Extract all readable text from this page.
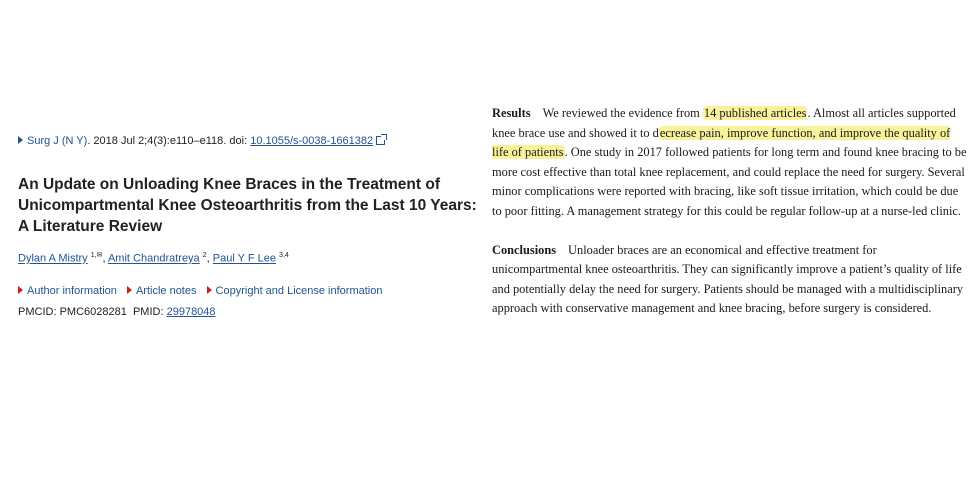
Surg J (N Y). 2018 Jul 2;4(3):e110–e118. doi: 10.1055/s-0038-1661382
An Update on Unloading Knee Braces in the Treatment of Unicompartmental Knee Osteoarthritis from the Last 10 Years: A Literature Review
Dylan A Mistry $^{1,✉}$, Amit Chandratreya $^2$, Paul Y F Lee $^{3,4}$
Author information Article notes Copyright and License information
PMCID: PMC6028281 PMID: 29978048

Results We reviewed the evidence from 14 published articles. Almost all articles supported knee brace use and showed it to decrease pain, improve function, and improve the quality of life of patients. One study in 2017 followed patients for long term and found knee bracing to be more cost effective than total knee replacement, and could replace the need for surgery. Several minor complications were reported with bracing, like soft tissue irritation, which could be due to poor fitting. A management strategy for this could be regular follow-up at a nurse-led clinic.

Conclusions Unloader braces are an economical and effective treatment for unicompartmental knee osteoarthritis. They can significantly improve a patient’s quality of life and potentially delay the need for surgery. Patients should be managed with a multidisciplinary approach with conservative management and knee bracing, before surgery is considered.
